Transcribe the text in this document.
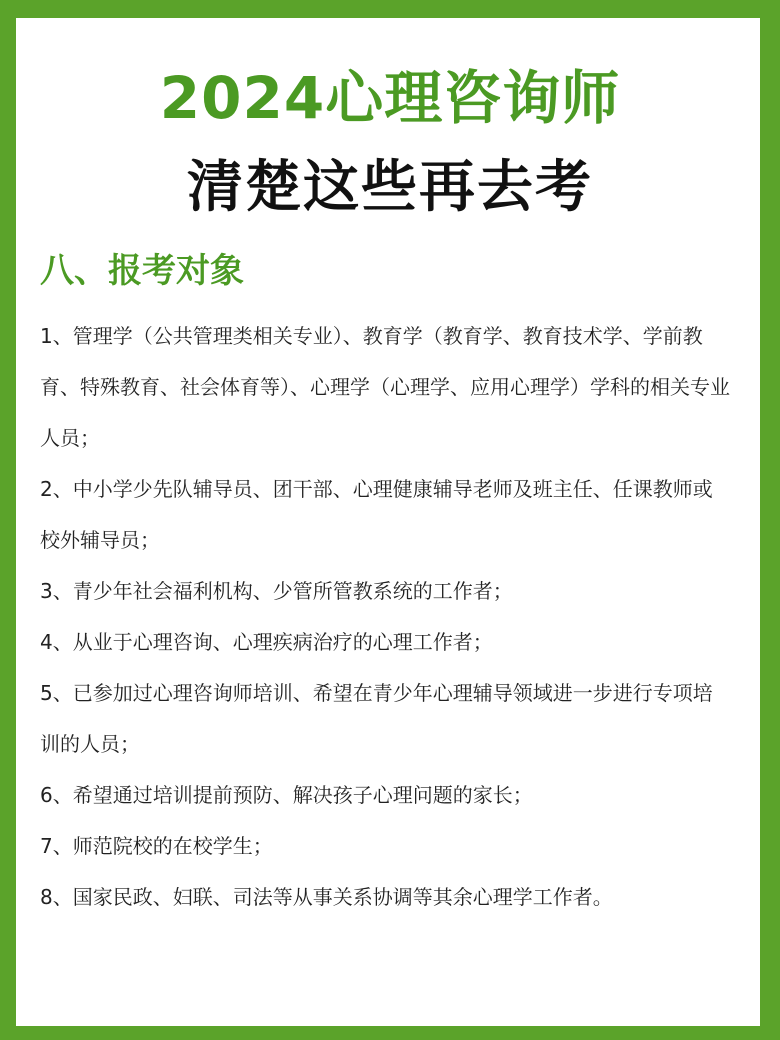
2024心理咨询师
清楚这些再去考
八、报考对象

1、管理学（公共管理类相关专业）、教育学（教育学、教育技术学、学前教育、特殊教育、社会体育等）、心理学（心理学、应用心理学）学科的相关专业人员；

2、中小学少先队辅导员、团干部、心理健康辅导老师及班主任、任课教师或校外辅导员；

3、青少年社会福利机构、少管所管教系统的工作者；

4、从业于心理咨询、心理疾病治疗的心理工作者；

5、已参加过心理咨询师培训、希望在青少年心理辅导领域进一步进行专项培训的人员；

6、希望通过培训提前预防、解决孩子心理问题的家长；

7、师范院校的在校学生；

8、国家民政、妇联、司法等从事关系协调等其余心理学工作者。
